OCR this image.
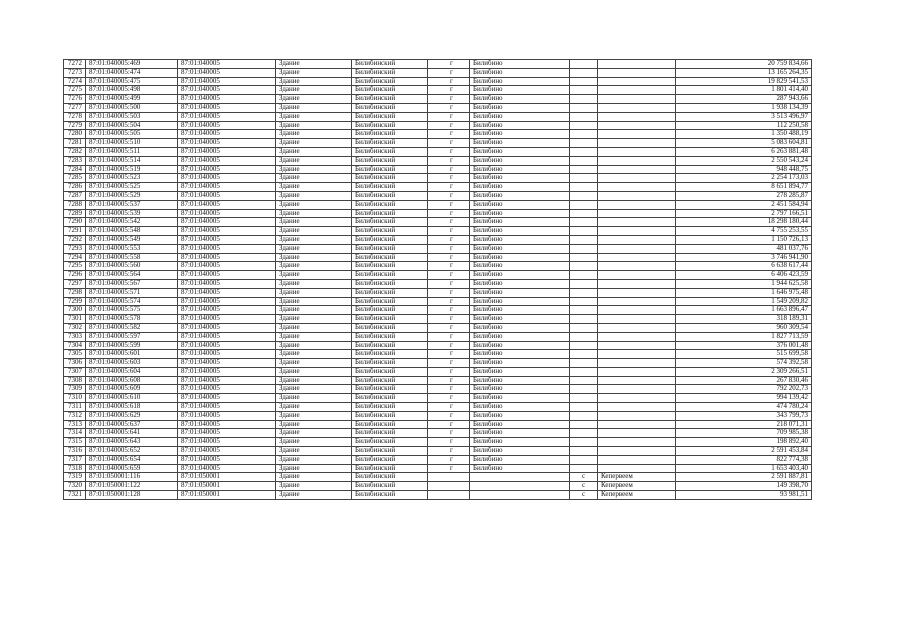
7272	87:01:040005:469	87:01:040005	Здание	Билибинский	г	Билибино			20 759 834,66
7273	87:01:040005:474	87:01:040005	Здание	Билибинский	г	Билибино			13 165 264,35
7274	87:01:040005:475	87:01:040005	Здание	Билибинский	г	Билибино			19 829 541,53
7275	87:01:040005:498	87:01:040005	Здание	Билибинский	г	Билибино			1 801 414,40
7276	87:01:040005:499	87:01:040005	Здание	Билибинский	г	Билибино			287 943,66
7277	87:01:040005:500	87:01:040005	Здание	Билибинский	г	Билибино			1 938 134,39
7278	87:01:040005:503	87:01:040005	Здание	Билибинский	г	Билибино			3 513 496,97
7279	87:01:040005:504	87:01:040005	Здание	Билибинский	г	Билибино			112 250,58
7280	87:01:040005:505	87:01:040005	Здание	Билибинский	г	Билибино			1 350 488,19
7281	87:01:040005:510	87:01:040005	Здание	Билибинский	г	Билибино			5 083 604,81
7282	87:01:040005:511	87:01:040005	Здание	Билибинский	г	Билибино			6 263 881,48
7283	87:01:040005:514	87:01:040005	Здание	Билибинский	г	Билибино			2 550 543,24
7284	87:01:040005:519	87:01:040005	Здание	Билибинский	г	Билибино			948 448,75
7285	87:01:040005:523	87:01:040005	Здание	Билибинский	г	Билибино			2 254 173,03
7286	87:01:040005:525	87:01:040005	Здание	Билибинский	г	Билибино			8 651 894,77
7287	87:01:040005:529	87:01:040005	Здание	Билибинский	г	Билибино			278 285,87
7288	87:01:040005:537	87:01:040005	Здание	Билибинский	г	Билибино			2 451 584,94
7289	87:01:040005:539	87:01:040005	Здание	Билибинский	г	Билибино			2 797 166,51
7290	87:01:040005:542	87:01:040005	Здание	Билибинский	г	Билибино			18 298 180,44
7291	87:01:040005:548	87:01:040005	Здание	Билибинский	г	Билибино			4 755 253,55
7292	87:01:040005:549	87:01:040005	Здание	Билибинский	г	Билибино			1 150 726,13
7293	87:01:040005:553	87:01:040005	Здание	Билибинский	г	Билибино			481 037,76
7294	87:01:040005:558	87:01:040005	Здание	Билибинский	г	Билибино			3 746 941,90
7295	87:01:040005:560	87:01:040005	Здание	Билибинский	г	Билибино			6 638 617,44
7296	87:01:040005:564	87:01:040005	Здание	Билибинский	г	Билибино			6 406 423,59
7297	87:01:040005:567	87:01:040005	Здание	Билибинский	г	Билибино			1 944 625,58
7298	87:01:040005:571	87:01:040005	Здание	Билибинский	г	Билибино			1 646 975,48
7299	87:01:040005:574	87:01:040005	Здание	Билибинский	г	Билибино			1 549 209,82
7300	87:01:040005:575	87:01:040005	Здание	Билибинский	г	Билибино			1 663 896,47
7301	87:01:040005:578	87:01:040005	Здание	Билибинский	г	Билибино			318 189,31
7302	87:01:040005:582	87:01:040005	Здание	Билибинский	г	Билибино			960 309,54
7303	87:01:040005:597	87:01:040005	Здание	Билибинский	г	Билибино			1 827 713,59
7304	87:01:040005:599	87:01:040005	Здание	Билибинский	г	Билибино			376 001,48
7305	87:01:040005:601	87:01:040005	Здание	Билибинский	г	Билибино			515 699,58
7306	87:01:040005:603	87:01:040005	Здание	Билибинский	г	Билибино			574 392,58
7307	87:01:040005:604	87:01:040005	Здание	Билибинский	г	Билибино			2 309 266,51
7308	87:01:040005:608	87:01:040005	Здание	Билибинский	г	Билибино			267 830,46
7309	87:01:040005:609	87:01:040005	Здание	Билибинский	г	Билибино			792 202,73
7310	87:01:040005:610	87:01:040005	Здание	Билибинский	г	Билибино			994 139,42
7311	87:01:040005:618	87:01:040005	Здание	Билибинский	г	Билибино			474 780,24
7312	87:01:040005:629	87:01:040005	Здание	Билибинский	г	Билибино			343 799,73
7313	87:01:040005:637	87:01:040005	Здание	Билибинский	г	Билибино			218 071,31
7314	87:01:040005:641	87:01:040005	Здание	Билибинский	г	Билибино			709 985,38
7315	87:01:040005:643	87:01:040005	Здание	Билибинский	г	Билибино			198 892,40
7316	87:01:040005:652	87:01:040005	Здание	Билибинский	г	Билибино			2 591 453,84
7317	87:01:040005:654	87:01:040005	Здание	Билибинский	г	Билибино			822 774,38
7318	87:01:040005:659	87:01:040005	Здание	Билибинский	г	Билибино			1 653 403,40
7319	87:01:050001:116	87:01:050001	Здание	Билибинский			с	Кепервеем	2 591 887,81
7320	87:01:050001:122	87:01:050001	Здание	Билибинский			с	Кепервеем	149 398,70
7321	87:01:050001:128	87:01:050001	Здание	Билибинский			с	Кепервеем	93 981,51
